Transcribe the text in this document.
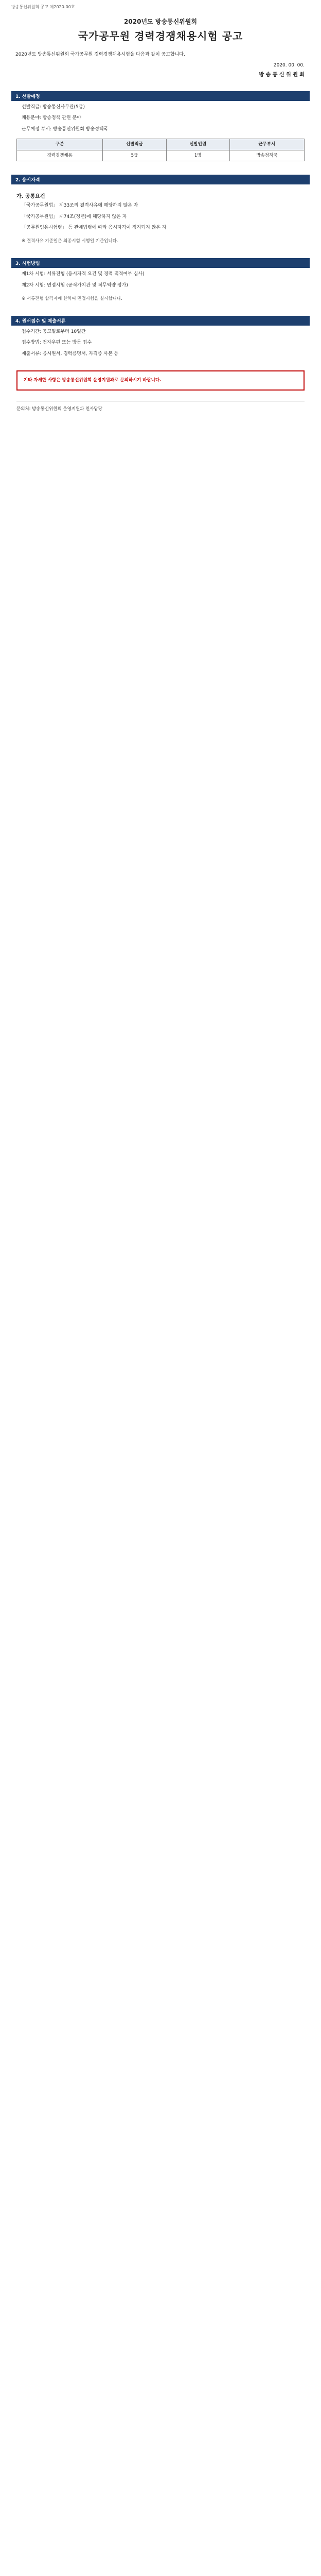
방송통신위원회 공고 제2020-00호
2020년도 방송통신위원회
국가공무원 경력경쟁채용시험 공고
2020년도 방송통신위원회 국가공무원 경력경쟁채용시험을 다음과 같이 공고합니다.
2020. 00. 00.
방 송 통 신 위 원 회
1. 선발예정
선발직급: 방송통신사무관(5급)
채용분야: 방송정책 관련 분야
근무예정 부서: 방송통신위원회 방송정책국
구분	선발직급	선발인원	근무부서
경력경쟁채용	5급	1명	방송정책국
2. 응시자격
가. 공통요건
「국가공무원법」 제33조의 결격사유에 해당하지 않은 자
「국가공무원법」 제74조(정년)에 해당하지 않은 자
「공무원임용시험령」 등 관계법령에 따라 응시자격이 정지되지 않은 자
※ 결격사유 기준일은 최종시험 시행일 기준입니다.
3. 시험방법
제1차 시험: 서류전형 (응시자격 요건 및 경력 적격여부 심사)
제2차 시험: 면접시험 (공직가치관 및 직무역량 평가)
※ 서류전형 합격자에 한하여 면접시험을 실시합니다.
4. 원서접수 및 제출서류
접수기간: 공고일로부터 10일간
접수방법: 전자우편 또는 방문 접수
제출서류: 응시원서, 경력증명서, 자격증 사본 등
기타 자세한 사항은 방송통신위원회 운영지원과로 문의하시기 바랍니다.
문의처: 방송통신위원회 운영지원과 인사담당
